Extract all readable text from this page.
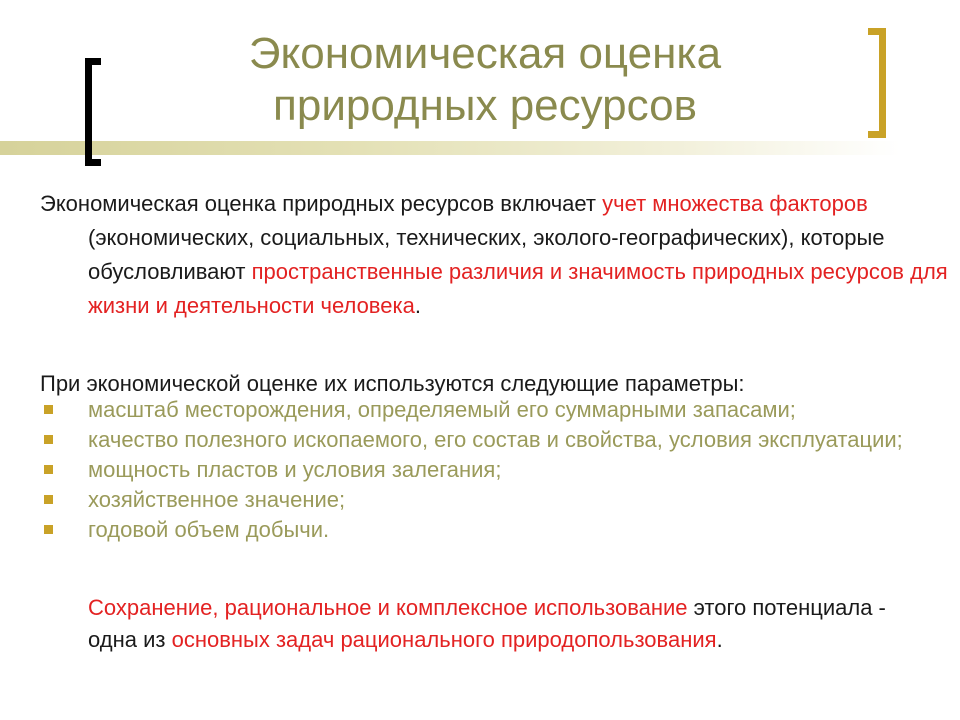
Экономическая оценка
природных ресурсов

Экономическая оценка природных ресурсов включает учет множества факторов (экономических, социальных, технических, эколого-географических), которые обусловливают пространственные различия и значимость природных ресурсов для жизни и деятельности человека.

При экономической оценке их используются следующие параметры:

масштаб месторождения, определяемый его суммарными запасами;
качество полезного ископаемого, его состав и свойства, условия эксплуатации;
мощность пластов и условия залегания;
хозяйственное значение;
годовой объем добычи.

Сохранение, рациональное и комплексное использование этого потенциала - одна из основных задач рационального природопользования.
